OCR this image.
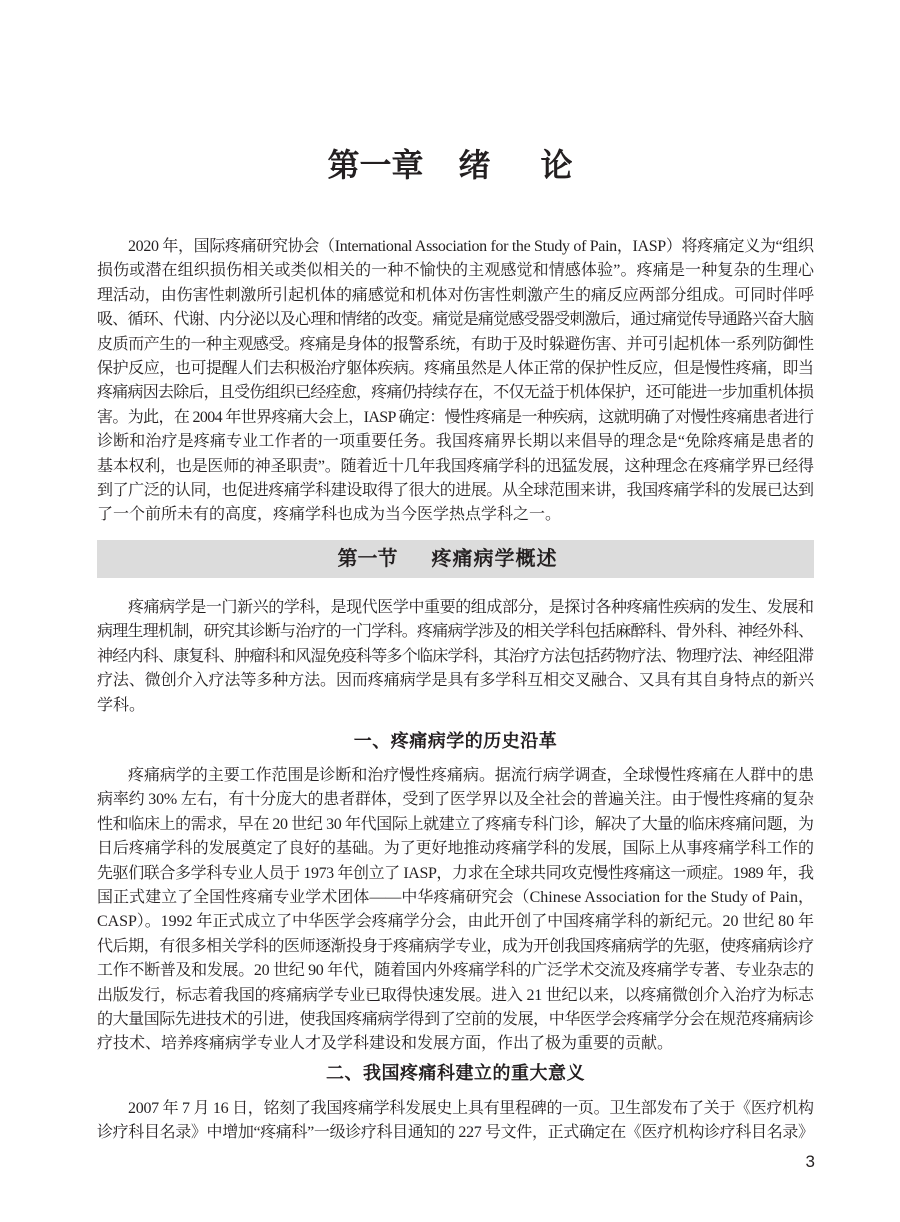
第一章 绪论
2020 年，国际疼痛研究协会（International Association for the Study of Pain，IASP）将疼痛定义为“组织
损伤或潜在组织损伤相关或类似相关的一种不愉快的主观感觉和情感体验”。疼痛是一种复杂的生理心
理活动，由伤害性刺激所引起机体的痛感觉和机体对伤害性刺激产生的痛反应两部分组成。可同时伴呼
吸、循环、代谢、内分泌以及心理和情绪的改变。痛觉是痛觉感受器受刺激后，通过痛觉传导通路兴奋大脑
皮质而产生的一种主观感受。疼痛是身体的报警系统，有助于及时躲避伤害、并可引起机体一系列防御性
保护反应，也可提醒人们去积极治疗躯体疾病。疼痛虽然是人体正常的保护性反应，但是慢性疼痛，即当
疼痛病因去除后，且受伤组织已经痊愈，疼痛仍持续存在，不仅无益于机体保护，还可能进一步加重机体损
害。为此，在 2004 年世界疼痛大会上，IASP 确定：慢性疼痛是一种疾病，这就明确了对慢性疼痛患者进行
诊断和治疗是疼痛专业工作者的一项重要任务。我国疼痛界长期以来倡导的理念是“免除疼痛是患者的
基本权利，也是医师的神圣职责”。随着近十几年我国疼痛学科的迅猛发展，这种理念在疼痛学界已经得
到了广泛的认同，也促进疼痛学科建设取得了很大的进展。从全球范围来讲，我国疼痛学科的发展已达到
了一个前所未有的高度，疼痛学科也成为当今医学热点学科之一。
第一节 疼痛病学概述
疼痛病学是一门新兴的学科，是现代医学中重要的组成部分，是探讨各种疼痛性疾病的发生、发展和
病理生理机制，研究其诊断与治疗的一门学科。疼痛病学涉及的相关学科包括麻醉科、骨外科、神经外科、
神经内科、康复科、肿瘤科和风湿免疫科等多个临床学科，其治疗方法包括药物疗法、物理疗法、神经阻滞
疗法、微创介入疗法等多种方法。因而疼痛病学是具有多学科互相交叉融合、又具有其自身特点的新兴
学科。
一、疼痛病学的历史沿革
疼痛病学的主要工作范围是诊断和治疗慢性疼痛病。据流行病学调查，全球慢性疼痛在人群中的患
病率约 30% 左右，有十分庞大的患者群体，受到了医学界以及全社会的普遍关注。由于慢性疼痛的复杂
性和临床上的需求，早在 20 世纪 30 年代国际上就建立了疼痛专科门诊，解决了大量的临床疼痛问题，为
日后疼痛学科的发展奠定了良好的基础。为了更好地推动疼痛学科的发展，国际上从事疼痛学科工作的
先驱们联合多学科专业人员于 1973 年创立了 IASP，力求在全球共同攻克慢性疼痛这一顽症。1989 年，我
国正式建立了全国性疼痛专业学术团体——中华疼痛研究会（Chinese Association for the Study of Pain，
CASP）。1992 年正式成立了中华医学会疼痛学分会，由此开创了中国疼痛学科的新纪元。20 世纪 80 年
代后期，有很多相关学科的医师逐渐投身于疼痛病学专业，成为开创我国疼痛病学的先驱，使疼痛病诊疗
工作不断普及和发展。20 世纪 90 年代，随着国内外疼痛学科的广泛学术交流及疼痛学专著、专业杂志的
出版发行，标志着我国的疼痛病学专业已取得快速发展。进入 21 世纪以来，以疼痛微创介入治疗为标志
的大量国际先进技术的引进，使我国疼痛病学得到了空前的发展，中华医学会疼痛学分会在规范疼痛病诊
疗技术、培养疼痛病学专业人才及学科建设和发展方面，作出了极为重要的贡献。
二、我国疼痛科建立的重大意义
2007 年 7 月 16 日，铭刻了我国疼痛学科发展史上具有里程碑的一页。卫生部发布了关于《医疗机构
诊疗科目名录》中增加“疼痛科”一级诊疗科目通知的 227 号文件，正式确定在《医疗机构诊疗科目名录》
3
